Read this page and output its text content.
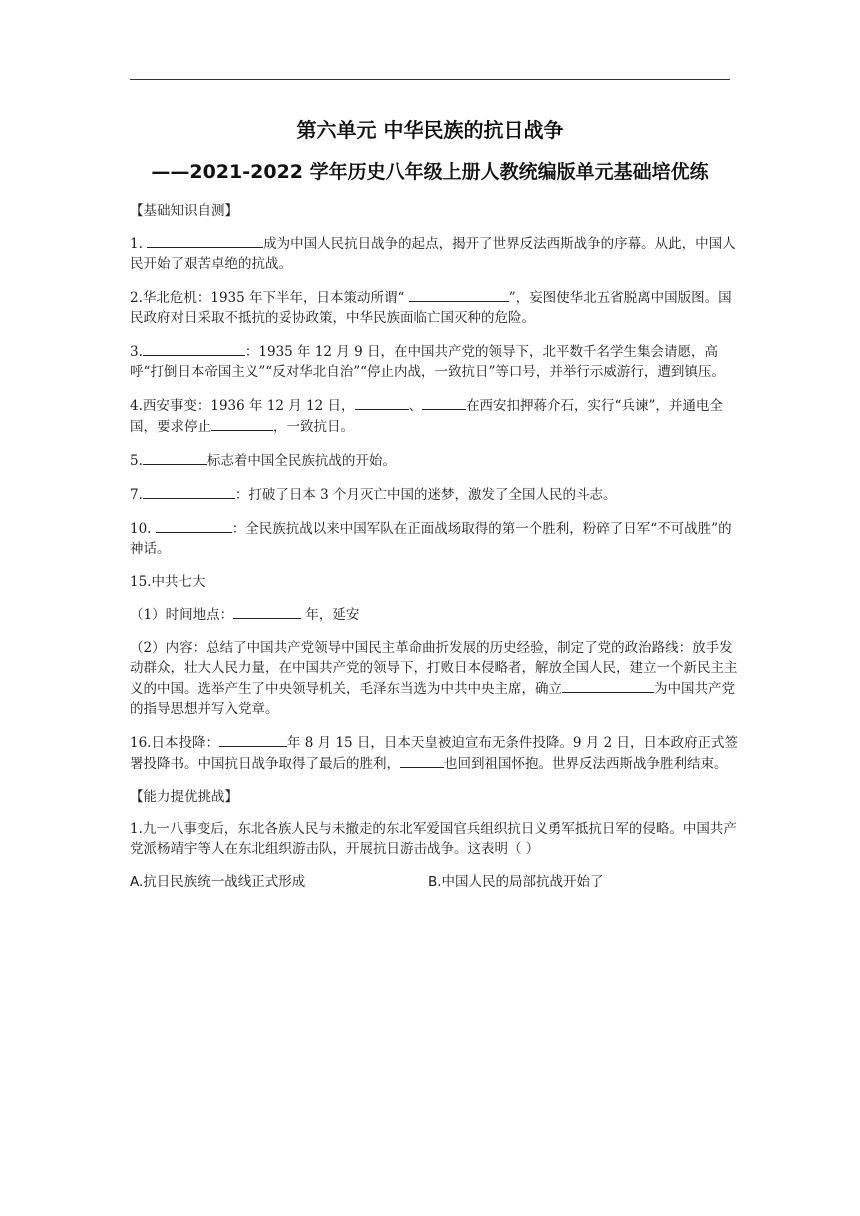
第六单元 中华民族的抗日战争
——2021-2022 学年历史八年级上册人教统编版单元基础培优练

【基础知识自测】

1.	成为中国人民抗日战争的起点，揭开了世界反法西斯战争的序幕。从此，中国人民开始了艰苦卓绝的抗战。

2.华北危机：1935 年下半年，日本策动所谓“	”，妄图使华北五省脱离中国版图。国民政府对日采取不抵抗的妥协政策，中华民族面临亡国灭种的危险。

3.	：1935 年 12 月 9 日，在中国共产党的领导下，北平数千名学生集会请愿，高呼“打倒日本帝国主义”“反对华北自治”“停止内战，一致抗日”等口号，并举行示威游行，遭到镇压。

4.西安事变：1936 年 12 月 12 日，	、	在西安扣押蒋介石，实行“兵谏”，并通电全国，要求停止	，一致抗日。

5.	标志着中国全民族抗战的开始。

7.	：打破了日本 3 个月灭亡中国的迷梦，激发了全国人民的斗志。

10.	：全民族抗战以来中国军队在正面战场取得的第一个胜利，粉碎了日军“不可战胜”的神话。

15.中共七大

（1）时间地点：	年，延安

（2）内容：总结了中国共产党领导中国民主革命曲折发展的历史经验，制定了党的政治路线：放手发动群众，壮大人民力量，在中国共产党的领导下，打败日本侵略者，解放全国人民，建立一个新民主主义的中国。选举产生了中央领导机关，毛泽东当选为中共中央主席，确立	为中国共产党的指导思想并写入党章。

16.日本投降：	年 8 月 15 日，日本天皇被迫宣布无条件投降。9 月 2 日，日本政府正式签署投降书。中国抗日战争取得了最后的胜利，	也回到祖国怀抱。世界反法西斯战争胜利结束。

【能力提优挑战】

1.九一八事变后，东北各族人民与未撤走的东北军爱国官兵组织抗日义勇军抵抗日军的侵略。中国共产党派杨靖宇等人在东北组织游击队，开展抗日游击战争。这表明（ ）

A.抗日民族统一战线正式形成	B.中国人民的局部抗战开始了
